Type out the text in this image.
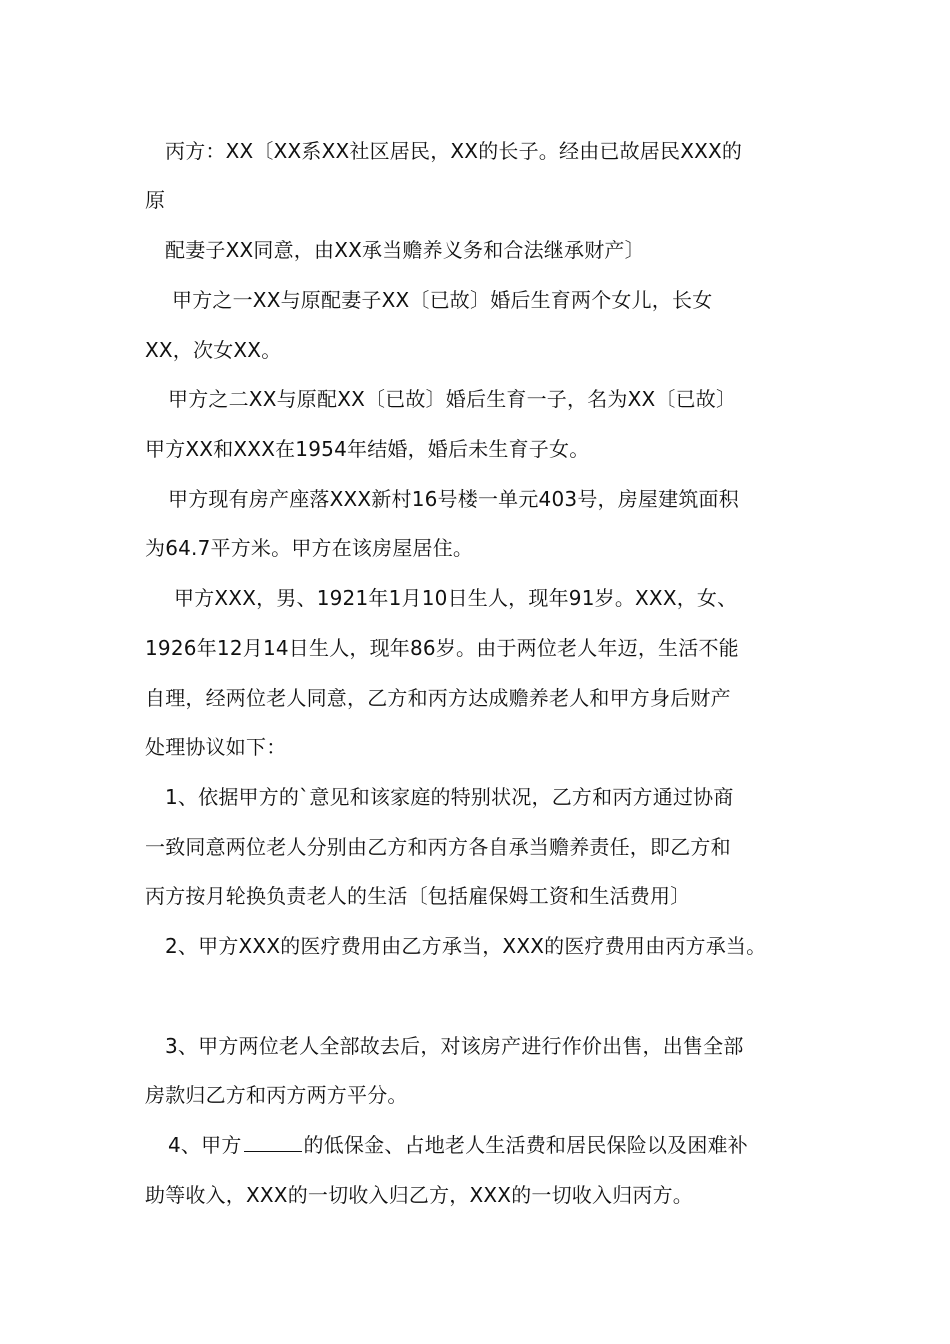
丙方：XX〔XX系XX社区居民，XX的长子。经由已故居民XXX的

原

配妻子XX同意，由XX承当赡养义务和合法继承财产〕

甲方之一XX与原配妻子XX〔已故〕婚后生育两个女儿，长女

XX，次女XX。

甲方之二XX与原配XX〔已故〕婚后生育一子，名为XX〔已故〕

甲方XX和XXX在1954年结婚，婚后未生育子女。

甲方现有房产座落XXX新村16号楼一单元403号，房屋建筑面积

为64.7平方米。甲方在该房屋居住。

甲方XXX，男、1921年1月10日生人，现年91岁。XXX，女、

1926年12月14日生人，现年86岁。由于两位老人年迈，生活不能

自理，经两位老人同意，乙方和丙方达成赡养老人和甲方身后财产

处理协议如下：

1、依据甲方的`意见和该家庭的特别状况，乙方和丙方通过协商

一致同意两位老人分别由乙方和丙方各自承当赡养责任，即乙方和

丙方按月轮换负责老人的生活〔包括雇保姆工资和生活费用〕

2、甲方XXX的医疗费用由乙方承当，XXX的医疗费用由丙方承当。

3、甲方两位老人全部故去后，对该房产进行作价出售，出售全部

房款归乙方和丙方两方平分。

4、甲方	的低保金、占地老人生活费和居民保险以及困难补

助等收入，XXX的一切收入归乙方，XXX的一切收入归丙方。
